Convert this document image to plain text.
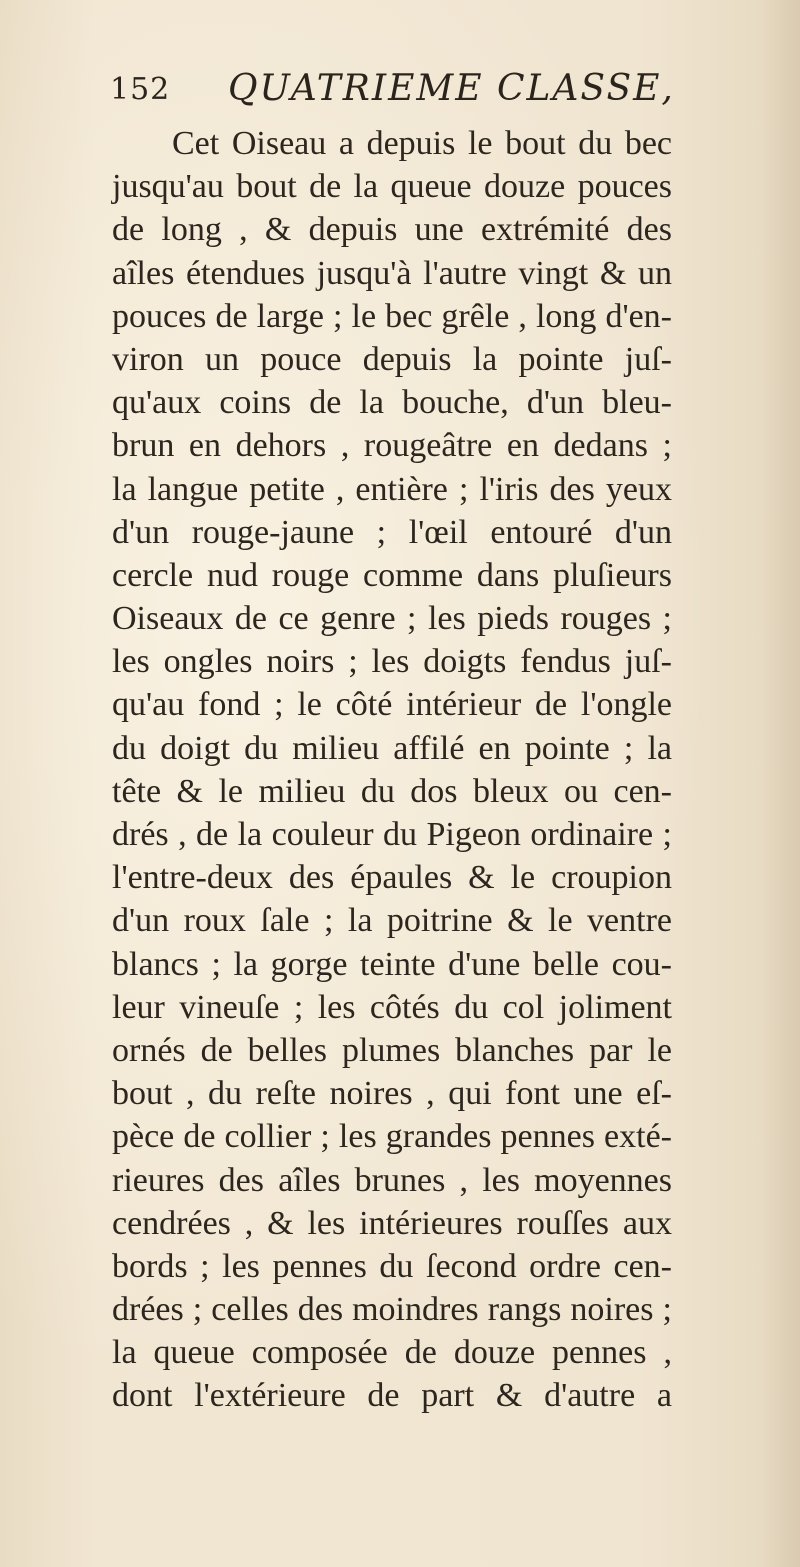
152 QUATRIEME CLASSE,
Cet Oiseau a depuis le bout du bec
jusqu'au bout de la queue douze pouces
de long , & depuis une extrémité des
aîles étendues jusqu'à l'autre vingt & un
pouces de large ; le bec grêle , long d'en-
viron un pouce depuis la pointe juſ-
qu'aux coins de la bouche, d'un bleu-
brun en dehors , rougeâtre en dedans ;
la langue petite , entière ; l'iris des yeux
d'un rouge-jaune ; l'œil entouré d'un
cercle nud rouge comme dans pluſieurs
Oiseaux de ce genre ; les pieds rouges ;
les ongles noirs ; les doigts fendus juſ-
qu'au fond ; le côté intérieur de l'ongle
du doigt du milieu affilé en pointe ; la
tête & le milieu du dos bleux ou cen-
drés , de la couleur du Pigeon ordinaire ;
l'entre-deux des épaules & le croupion
d'un roux ſale ; la poitrine & le ventre
blancs ; la gorge teinte d'une belle cou-
leur vineuſe ; les côtés du col joliment
ornés de belles plumes blanches par le
bout , du reſte noires , qui font une eſ-
pèce de collier ; les grandes pennes exté-
rieures des aîles brunes , les moyennes
cendrées , & les intérieures rouſſes aux
bords ; les pennes du ſecond ordre cen-
drées ; celles des moindres rangs noires ;
la queue composée de douze pennes ,
dont l'extérieure de part & d'autre a
